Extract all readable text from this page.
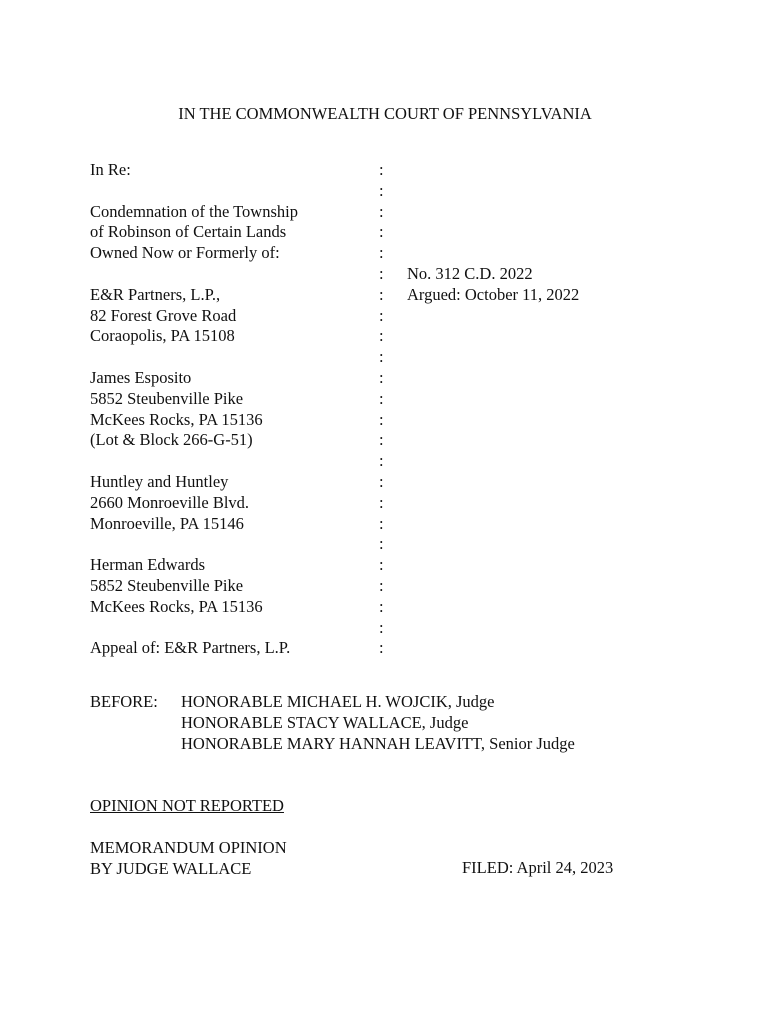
IN THE COMMONWEALTH COURT OF PENNSYLVANIA
In Re:
Condemnation of the Township
of Robinson of Certain Lands
Owned Now or Formerly of:
E&R Partners, L.P.,
82 Forest Grove Road
Coraopolis, PA 15108
James Esposito
5852 Steubenville Pike
McKees Rocks, PA 15136
(Lot & Block 266-G-51)
Huntley and Huntley
2660 Monroeville Blvd.
Monroeville, PA 15146
Herman Edwards
5852 Steubenville Pike
McKees Rocks, PA 15136
Appeal of: E&R Partners, L.P.
:
:
:
:
:
:
:
:
:
:
:
:
:
:
:
:
:
:
:
:
:
:
:
:
No. 312 C.D. 2022
Argued: October 11, 2022
BEFORE: HONORABLE MICHAEL H. WOJCIK, Judge
HONORABLE STACY WALLACE, Judge
HONORABLE MARY HANNAH LEAVITT, Senior Judge
OPINION NOT REPORTED
MEMORANDUM OPINION
BY JUDGE WALLACE	FILED: April 24, 2023
